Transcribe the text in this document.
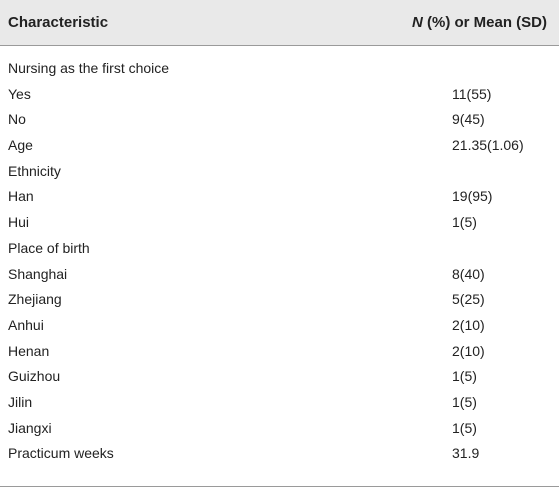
Characteristic	N (%) or Mean (SD)
Nursing as the first choice
Yes	11(55)
No	9(45)
Age	21.35(1.06)
Ethnicity
Han	19(95)
Hui	1(5)
Place of birth
Shanghai	8(40)
Zhejiang	5(25)
Anhui	2(10)
Henan	2(10)
Guizhou	1(5)
Jilin	1(5)
Jiangxi	1(5)
Practicum weeks	31.9
